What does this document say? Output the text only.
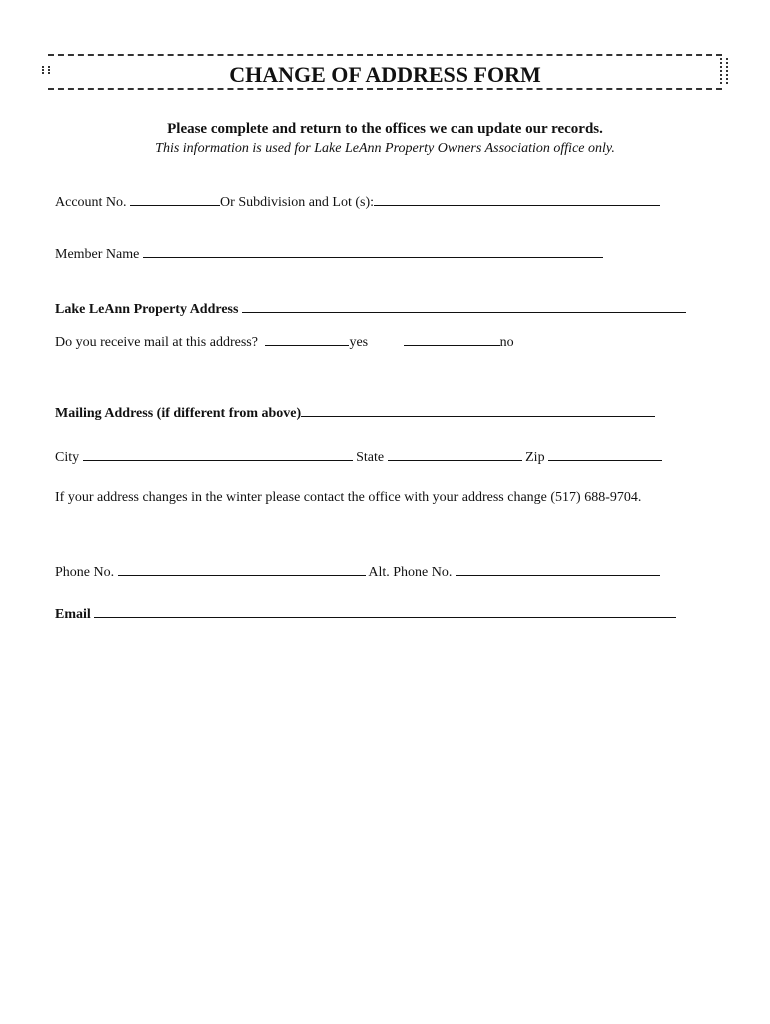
CHANGE OF ADDRESS FORM
Please complete and return to the offices we can update our records.
This information is used for Lake LeAnn Property Owners Association office only.
Account No.	Or Subdivision and Lot (s):
Member Name
Lake LeAnn Property Address
Do you receive mail at this address?	yes	no
Mailing Address (if different from above)
City	State	Zip
If your address changes in the winter please contact the office with your address change (517) 688-9704.
Phone No.	Alt. Phone No.
Email
